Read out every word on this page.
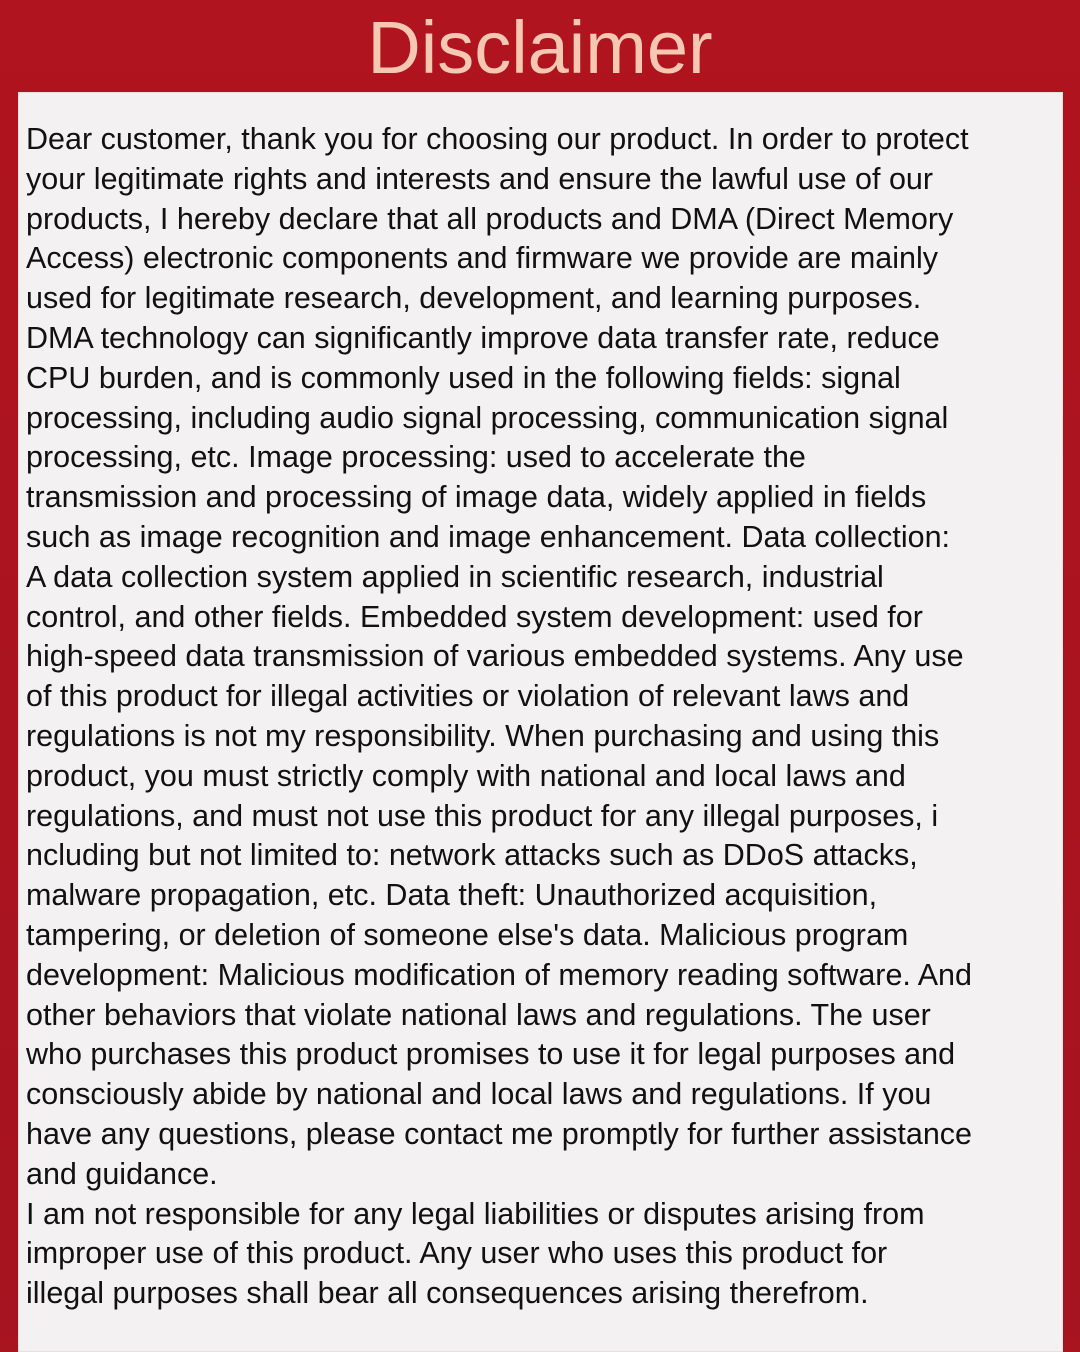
Disclaimer

Dear customer, thank you for choosing our product. In order to protect
your legitimate rights and interests and ensure the lawful use of our
products, I hereby declare that all products and DMA (Direct Memory
Access) electronic components and firmware we provide are mainly
used for legitimate research, development, and learning purposes.
DMA technology can significantly improve data transfer rate, reduce
CPU burden, and is commonly used in the following fields: signal
processing, including audio signal processing, communication signal
processing, etc. Image processing: used to accelerate the
transmission and processing of image data, widely applied in fields
such as image recognition and image enhancement. Data collection:
A data collection system applied in scientific research, industrial
control, and other fields. Embedded system development: used for
high-speed data transmission of various embedded systems. Any use
of this product for illegal activities or violation of relevant laws and
regulations is not my responsibility. When purchasing and using this
product, you must strictly comply with national and local laws and
regulations, and must not use this product for any illegal purposes, i
ncluding but not limited to: network attacks such as DDoS attacks,
malware propagation, etc. Data theft: Unauthorized acquisition,
tampering, or deletion of someone else's data. Malicious program
development: Malicious modification of memory reading software. And
other behaviors that violate national laws and regulations. The user
who purchases this product promises to use it for legal purposes and
consciously abide by national and local laws and regulations. If you
have any questions, please contact me promptly for further assistance
and guidance.
I am not responsible for any legal liabilities or disputes arising from
improper use of this product. Any user who uses this product for
illegal purposes shall bear all consequences arising therefrom.
